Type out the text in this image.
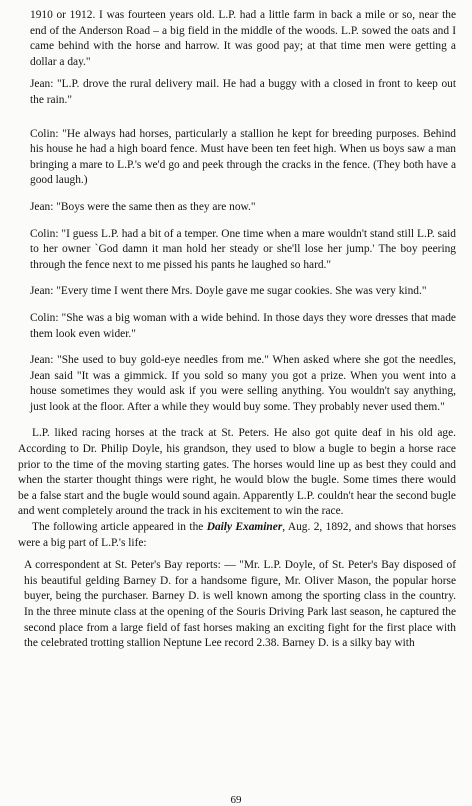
1910 or 1912. I was fourteen years old. L.P. had a little farm in back a mile or so, near the end of the Anderson Road – a big field in the middle of the woods. L.P. sowed the oats and I came behind with the horse and harrow. It was good pay; at that time men were getting a dollar a day."

Jean: "L.P. drove the rural delivery mail. He had a buggy with a closed in front to keep out the rain."

Colin: "He always had horses, particularly a stallion he kept for breeding purposes. Behind his house he had a high board fence. Must have been ten feet high. When us boys saw a man bringing a mare to L.P.'s we'd go and peek through the cracks in the fence. (They both have a good laugh.)

Jean: "Boys were the same then as they are now."

Colin: "I guess L.P. had a bit of a temper. One time when a mare wouldn't stand still L.P. said to her owner `God damn it man hold her steady or she'll lose her jump.' The boy peering through the fence next to me pissed his pants he laughed so hard."

Jean: "Every time I went there Mrs. Doyle gave me sugar cookies. She was very kind."

Colin: "She was a big woman with a wide behind. In those days they wore dresses that made them look even wider."

Jean: "She used to buy gold-eye needles from me." When asked where she got the needles, Jean said "It was a gimmick. If you sold so many you got a prize. When you went into a house sometimes they would ask if you were selling anything. You wouldn't say anything, just look at the floor. After a while they would buy some. They probably never used them."

L.P. liked racing horses at the track at St. Peters. He also got quite deaf in his old age. According to Dr. Philip Doyle, his grandson, they used to blow a bugle to begin a horse race prior to the time of the moving starting gates. The horses would line up as best they could and when the starter thought things were right, he would blow the bugle. Some times there would be a false start and the bugle would sound again. Apparently L.P. couldn't hear the second bugle and went completely around the track in his excitement to win the race.

The following article appeared in the Daily Examiner, Aug. 2, 1892, and shows that horses were a big part of L.P.'s life:

A correspondent at St. Peter's Bay reports: — "Mr. L.P. Doyle, of St. Peter's Bay disposed of his beautiful gelding Barney D. for a handsome figure, Mr. Oliver Mason, the popular horse buyer, being the purchaser. Barney D. is well known among the sporting class in the country. In the three minute class at the opening of the Souris Driving Park last season, he captured the second place from a large field of fast horses making an exciting fight for the first place with the celebrated trotting stallion Neptune Lee record 2.38. Barney D. is a silky bay with

69
